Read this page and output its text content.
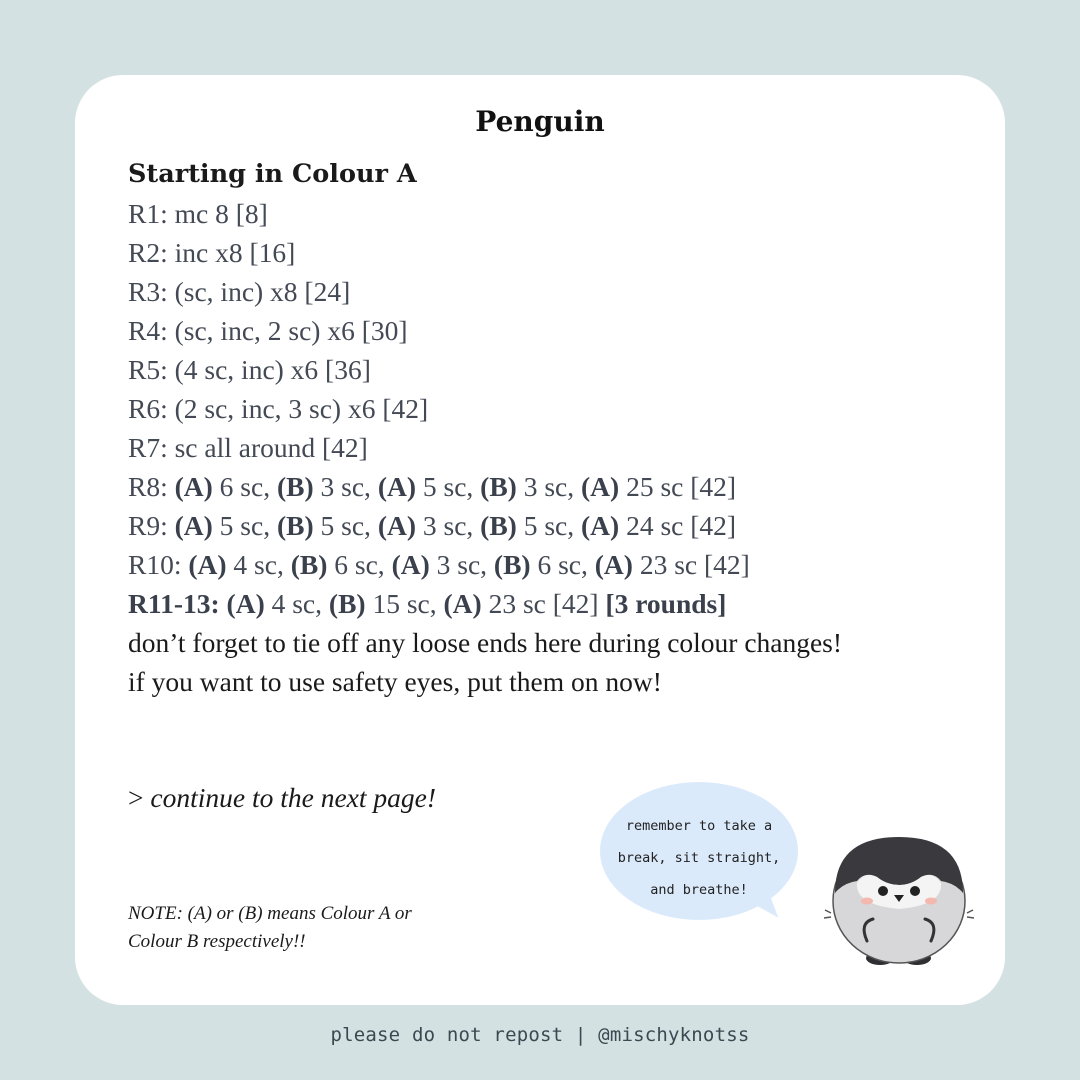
Penguin
Starting in Colour A
R1: mc 8 [8]
R2: inc x8 [16]
R3: (sc, inc) x8 [24]
R4: (sc, inc, 2 sc) x6 [30]
R5: (4 sc, inc) x6 [36]
R6: (2 sc, inc, 3 sc) x6 [42]
R7: sc all around [42]
R8: (A) 6 sc, (B) 3 sc, (A) 5 sc, (B) 3 sc, (A) 25 sc [42]
R9: (A) 5 sc, (B) 5 sc, (A) 3 sc, (B) 5 sc, (A) 24 sc [42]
R10: (A) 4 sc, (B) 6 sc, (A) 3 sc, (B) 6 sc, (A) 23 sc [42]
R11-13: (A) 4 sc, (B) 15 sc, (A) 23 sc [42] [3 rounds]
don’t forget to tie off any loose ends here during colour changes!
if you want to use safety eyes, put them on now!
> continue to the next page!
NOTE: (A) or (B) means Colour A or Colour B respectively!!
remember to take a
break, sit straight,
and breathe!
please do not repost | @mischyknotss
